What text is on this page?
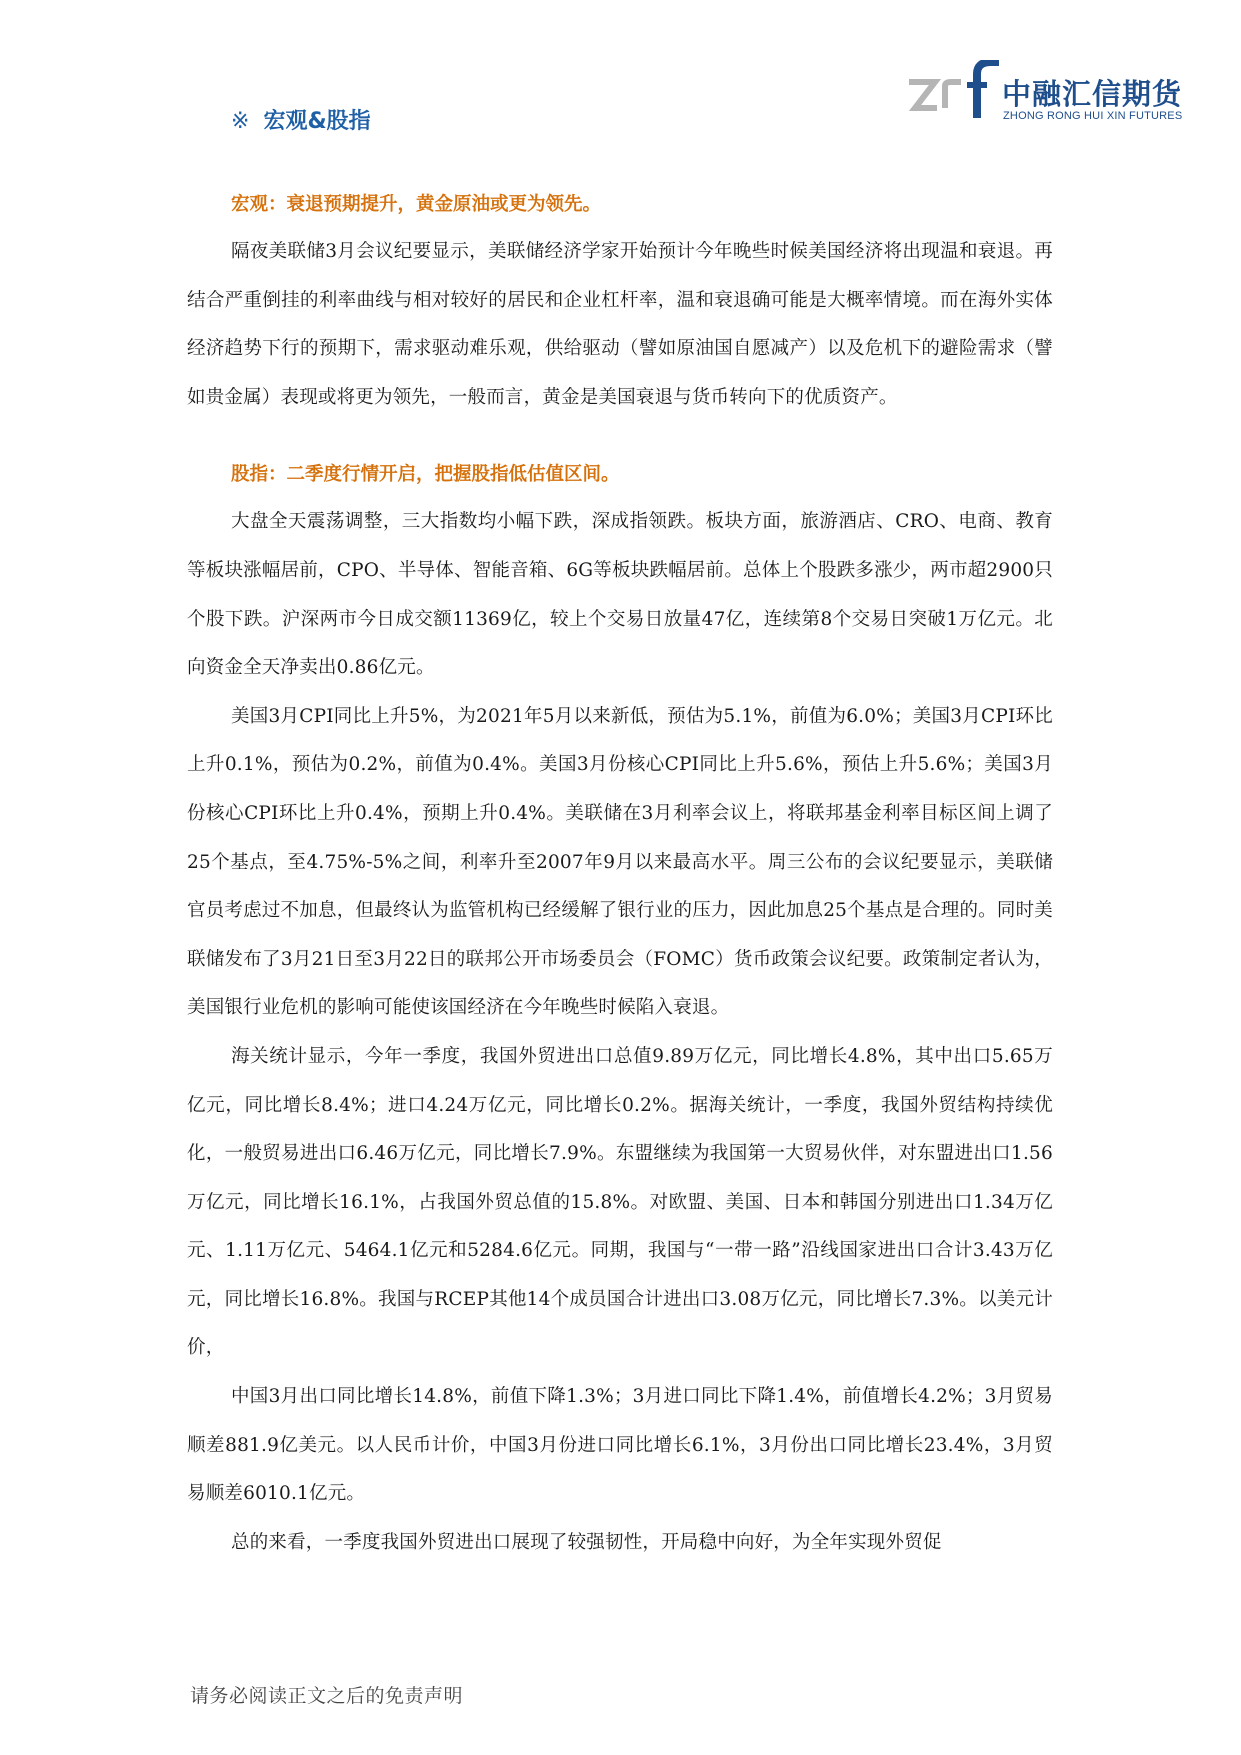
中融汇信期货
ZHONG RONG HUI XIN FUTURES
※ 宏观&股指
宏观：衰退预期提升，黄金原油或更为领先。

隔夜美联储3月会议纪要显示，美联储经济学家开始预计今年晚些时候美国经济将出现温和衰退。再结合严重倒挂的利率曲线与相对较好的居民和企业杠杆率，温和衰退确可能是大概率情境。而在海外实体经济趋势下行的预期下，需求驱动难乐观，供给驱动（譬如原油国自愿减产）以及危机下的避险需求（譬如贵金属）表现或将更为领先，一般而言，黄金是美国衰退与货币转向下的优质资产。

股指：二季度行情开启，把握股指低估值区间。

大盘全天震荡调整，三大指数均小幅下跌，深成指领跌。板块方面，旅游酒店、CRO、电商、教育等板块涨幅居前，CPO、半导体、智能音箱、6G等板块跌幅居前。总体上个股跌多涨少，两市超2900只个股下跌。沪深两市今日成交额11369亿，较上个交易日放量47亿，连续第8个交易日突破1万亿元。北向资金全天净卖出0.86亿元。

美国3月CPI同比上升5%，为2021年5月以来新低，预估为5.1%，前值为6.0%；美国3月CPI环比上升0.1%，预估为0.2%，前值为0.4%。美国3月份核心CPI同比上升5.6%，预估上升5.6%；美国3月份核心CPI环比上升0.4%，预期上升0.4%。美联储在3月利率会议上，将联邦基金利率目标区间上调了25个基点，至4.75%-5%之间，利率升至2007年9月以来最高水平。周三公布的会议纪要显示，美联储官员考虑过不加息，但最终认为监管机构已经缓解了银行业的压力，因此加息25个基点是合理的。同时美联储发布了3月21日至3月22日的联邦公开市场委员会（FOMC）货币政策会议纪要。政策制定者认为，美国银行业危机的影响可能使该国经济在今年晚些时候陷入衰退。

海关统计显示，今年一季度，我国外贸进出口总值9.89万亿元，同比增长4.8%，其中出口5.65万亿元，同比增长8.4%；进口4.24万亿元，同比增长0.2%。据海关统计，一季度，我国外贸结构持续优化，一般贸易进出口6.46万亿元，同比增长7.9%。东盟继续为我国第一大贸易伙伴，对东盟进出口1.56万亿元，同比增长16.1%，占我国外贸总值的15.8%。对欧盟、美国、日本和韩国分别进出口1.34万亿元、1.11万亿元、5464.1亿元和5284.6亿元。同期，我国与“一带一路”沿线国家进出口合计3.43万亿元，同比增长16.8%。我国与RCEP其他14个成员国合计进出口3.08万亿元，同比增长7.3%。以美元计价，

中国3月出口同比增长14.8%，前值下降1.3%；3月进口同比下降1.4%，前值增长4.2%；3月贸易顺差881.9亿美元。以人民币计价，中国3月份进口同比增长6.1%，3月份出口同比增长23.4%，3月贸易顺差6010.1亿元。

总的来看，一季度我国外贸进出口展现了较强韧性，开局稳中向好，为全年实现外贸促

请务必阅读正文之后的免责声明
